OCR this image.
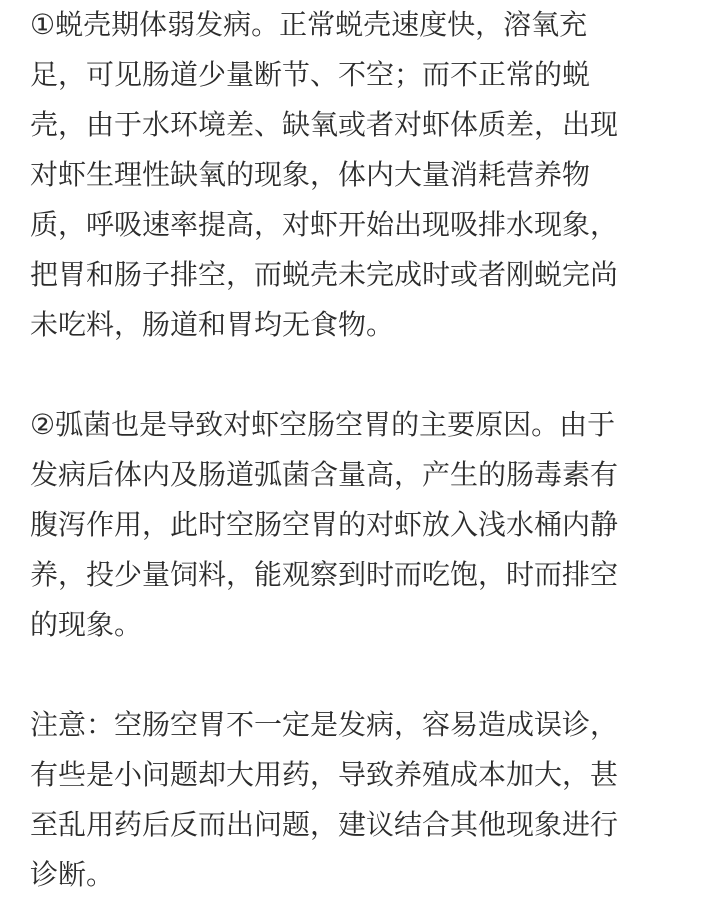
①蜕壳期体弱发病。正常蜕壳速度快，溶氧充
足，可见肠道少量断节、不空；而不正常的蜕
壳，由于水环境差、缺氧或者对虾体质差，出现
对虾生理性缺氧的现象，体内大量消耗营养物
质，呼吸速率提高，对虾开始出现吸排水现象，
把胃和肠子排空，而蜕壳未完成时或者刚蜕完尚
未吃料，肠道和胃均无食物。
②弧菌也是导致对虾空肠空胃的主要原因。由于
发病后体内及肠道弧菌含量高，产生的肠毒素有
腹泻作用，此时空肠空胃的对虾放入浅水桶内静
养，投少量饲料，能观察到时而吃饱，时而排空
的现象。
注意：空肠空胃不一定是发病，容易造成误诊，
有些是小问题却大用药，导致养殖成本加大，甚
至乱用药后反而出问题，建议结合其他现象进行
诊断。
